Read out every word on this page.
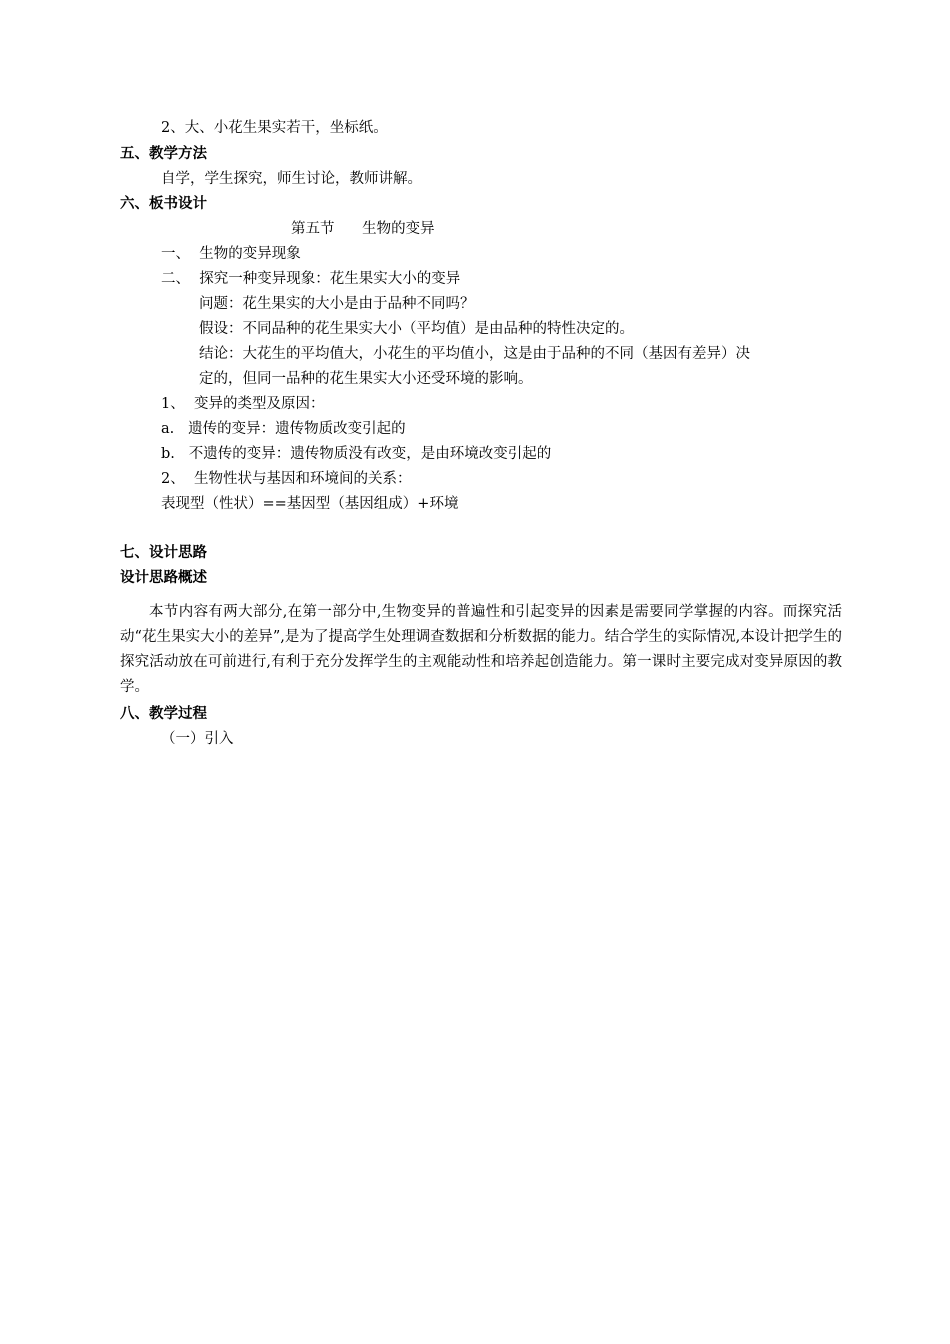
2、大、小花生果实若干，坐标纸。
五、教学方法
自学，学生探究，师生讨论，教师讲解。
六、板书设计
第五节      生物的变异
一、  生物的变异现象
二、  探究一种变异现象：花生果实大小的变异
问题：花生果实的大小是由于品种不同吗？
假设：不同品种的花生果实大小（平均值）是由品种的特性决定的。
结论：大花生的平均值大，小花生的平均值小，这是由于品种的不同（基因有差异）决
定的，但同一品种的花生果实大小还受环境的影响。
1、  变异的类型及原因：
a.   遗传的变异：遗传物质改变引起的
b.   不遗传的变异：遗传物质没有改变，是由环境改变引起的
2、  生物性状与基因和环境间的关系：
表现型（性状）==基因型（基因组成）+环境
七、设计思路
设计思路概述
本节内容有两大部分,在第一部分中,生物变异的普遍性和引起变异的因素是需要同学掌握的内容。而探究活动“花生果实大小的差异”,是为了提高学生处理调查数据和分析数据的能力。结合学生的实际情况,本设计把学生的探究活动放在可前进行,有利于充分发挥学生的主观能动性和培养起创造能力。第一课时主要完成对变异原因的教学。
八、教学过程
（一）引入
